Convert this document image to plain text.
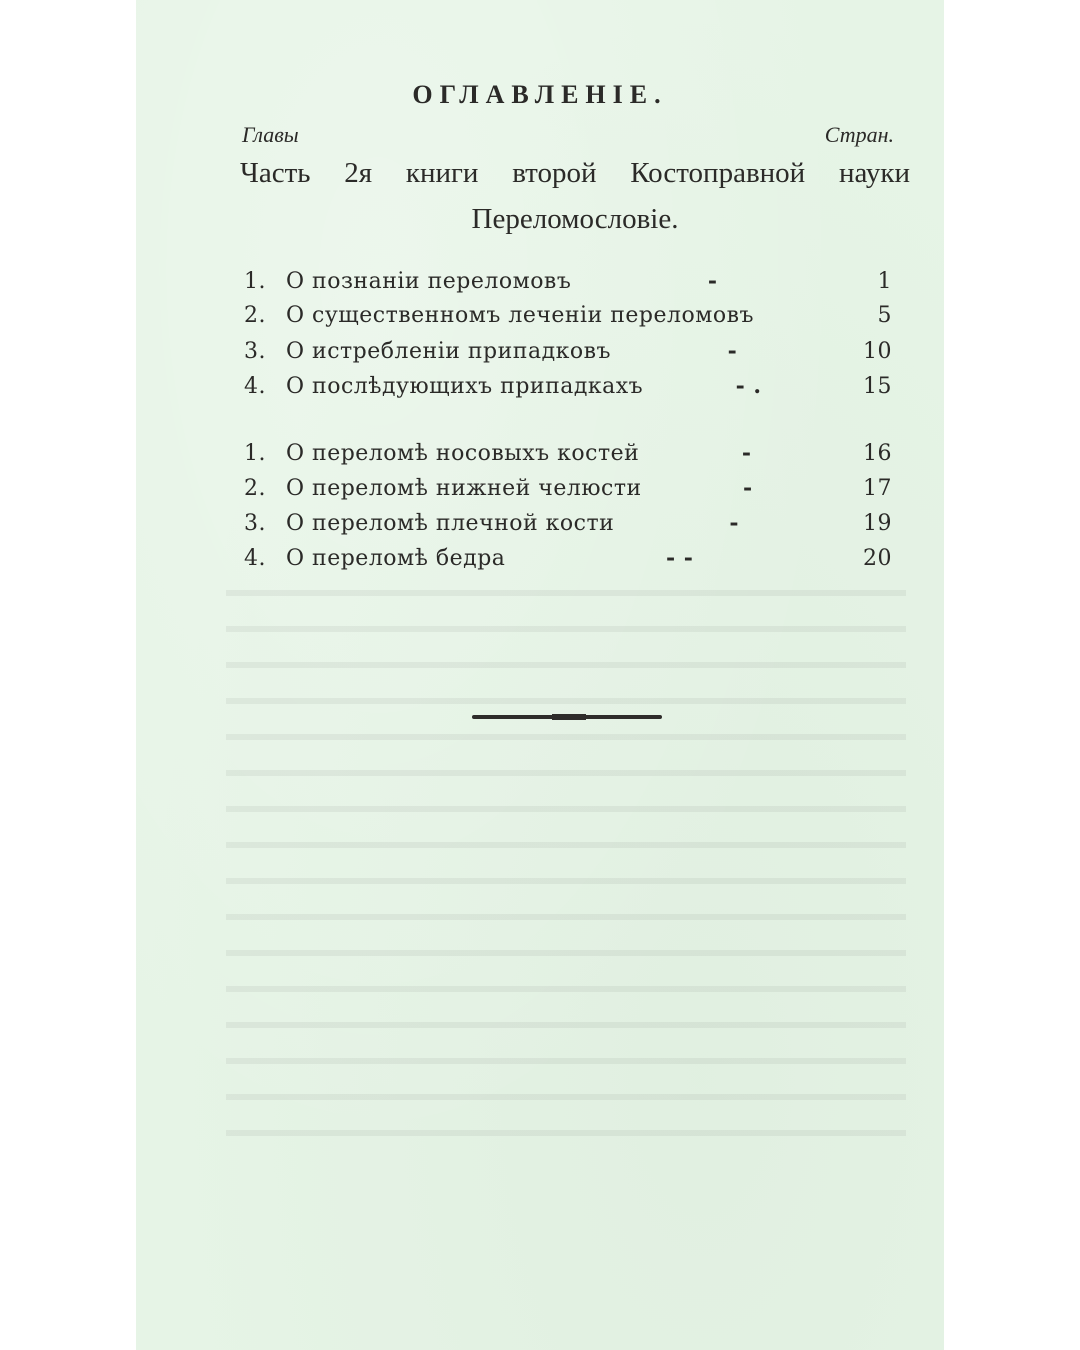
ОГЛАВЛЕНIЕ.
Главы	Стран.
Часть 2я книги второй Костоправной науки Переломословіе.
1. О познаніи переломовъ	-	1
2. О существенномъ леченіи переломовъ	5
3. О истребленіи припадковъ	-	10
4. О послѣдующихъ припадкахъ	- .	15
1. О переломѣ носовыхъ костей	-	16
2. О переломѣ нижней челюсти	-	17
3. О переломѣ плечной кости	-	19
4. О переломѣ бедра	- -	20
